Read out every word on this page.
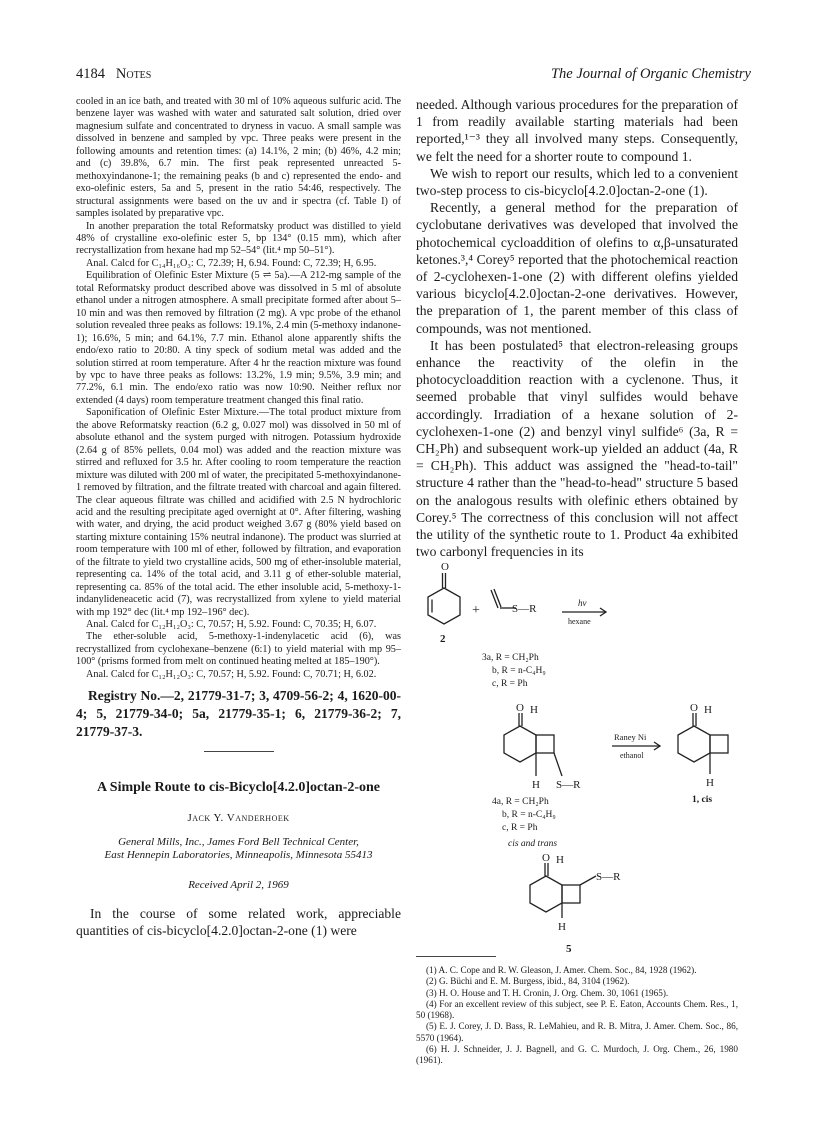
4184 Notes	The Journal of Organic Chemistry

cooled in an ice bath, and treated with 30 ml of 10% aqueous sulfuric acid. The benzene layer was washed with water and saturated salt solution, dried over magnesium sulfate and concentrated to dryness in vacuo. A small sample was dissolved in benzene and sampled by vpc. Three peaks were present in the following amounts and retention times: (a) 14.1%, 2 min; (b) 46%, 4.2 min; and (c) 39.8%, 6.7 min. The first peak represented unreacted 5-methoxyindanone-1; the remaining peaks (b and c) represented the endo- and exo-olefinic esters, 5a and 5, present in the ratio 54:46, respectively. The structural assignments were based on the uv and ir spectra (cf. Table I) of samples isolated by preparative vpc.

In another preparation the total Reformatsky product was distilled to yield 48% of crystalline exo-olefinic ester 5, bp 134° (0.15 mm), which after recrystallization from hexane had mp 52–54° (lit.⁴ mp 50–51°).

Anal. Calcd for C₁₄H₁₆O₃: C, 72.39; H, 6.94. Found: C, 72.39; H, 6.95.

Equilibration of Olefinic Ester Mixture (5 ⇌ 5a).—A 212-mg sample of the total Reformatsky product described above was dissolved in 5 ml of absolute ethanol under a nitrogen atmosphere. A small precipitate formed after about 5–10 min and was then removed by filtration (2 mg). A vpc probe of the ethanol solution revealed three peaks as follows: 19.1%, 2.4 min (5-methoxy indanone-1); 16.6%, 5 min; and 64.1%, 7.7 min. Ethanol alone apparently shifts the endo/exo ratio to 20:80. A tiny speck of sodium metal was added and the solution stirred at room temperature. After 4 hr the reaction mixture was found by vpc to have three peaks as follows: 13.2%, 1.9 min; 9.5%, 3.9 min; and 77.2%, 6.1 min. The endo/exo ratio was now 10:90. Neither reflux nor extended (4 days) room temperature treatment changed this final ratio.

Saponification of Olefinic Ester Mixture.—The total product mixture from the above Reformatsky reaction (6.2 g, 0.027 mol) was dissolved in 50 ml of absolute ethanol and the system purged with nitrogen. Potassium hydroxide (2.64 g of 85% pellets, 0.04 mol) was added and the reaction mixture was stirred and refluxed for 3.5 hr. After cooling to room temperature the reaction mixture was diluted with 200 ml of water, the precipitated 5-methoxyindanone-1 removed by filtration, and the filtrate treated with charcoal and again filtered. The clear aqueous filtrate was chilled and acidified with 2.5 N hydrochloric acid and the resulting precipitate aged overnight at 0°. After filtering, washing with water, and drying, the acid product weighed 3.67 g (80% yield based on starting mixture containing 15% neutral indanone). The product was slurried at room temperature with 100 ml of ether, followed by filtration, and evaporation of the filtrate to yield two crystalline acids, 500 mg of ether-insoluble material, representing ca. 14% of the total acid, and 3.11 g of ether-soluble material, representing ca. 85% of the total acid. The ether insoluble acid, 5-methoxy-1-indanylideneacetic acid (7), was recrystallized from xylene to yield material with mp 192° dec (lit.⁴ mp 192–196° dec).

Anal. Calcd for C₁₂H₁₂O₃: C, 70.57; H, 5.92. Found: C, 70.35; H, 6.07.

The ether-soluble acid, 5-methoxy-1-indenylacetic acid (6), was recrystallized from cyclohexane–benzene (6:1) to yield material with mp 95–100° (prisms formed from melt on continued heating melted at 185–190°).

Anal. Calcd for C₁₂H₁₂O₃: C, 70.57; H, 5.92. Found: C, 70.71; H, 6.02.

Registry No.—2, 21779-31-7; 3, 4709-56-2; 4, 1620-00-4; 5, 21779-34-0; 5a, 21779-35-1; 6, 21779-36-2; 7, 21779-37-3.

A Simple Route to cis-Bicyclo[4.2.0]octan-2-one

Jack Y. Vanderhoek

General Mills, Inc., James Ford Bell Technical Center,
East Hennepin Laboratories, Minneapolis, Minnesota 55413

Received April 2, 1969

In the course of some related work, appreciable quantities of cis-bicyclo[4.2.0]octan-2-one (1) were

needed. Although various procedures for the preparation of 1 from readily available starting materials had been reported,¹⁻³ they all involved many steps. Consequently, we felt the need for a shorter route to compound 1.

We wish to report our results, which led to a convenient two-step process to cis-bicyclo[4.2.0]octan-2-one (1).

Recently, a general method for the preparation of cyclobutane derivatives was developed that involved the photochemical cycloaddition of olefins to α,β-unsaturated ketones.³,⁴ Corey⁵ reported that the photochemical reaction of 2-cyclohexen-1-one (2) with different olefins yielded various bicyclo[4.2.0]octan-2-one derivatives. However, the preparation of 1, the parent member of this class of compounds, was not mentioned.

It has been postulated⁵ that electron-releasing groups enhance the reactivity of the olefin in the photocycloaddition reaction with a cyclenone. Thus, it seemed probable that vinyl sulfides would behave accordingly. Irradiation of a hexane solution of 2-cyclohexen-1-one (2) and benzyl vinyl sulfide⁶ (3a, R = CH₂Ph) and subsequent work-up yielded an adduct (4a, R = CH₂Ph). This adduct was assigned the "head-to-tail" structure 4 rather than the "head-to-head" structure 5 based on the analogous results with olefinic ethers obtained by Corey.⁵ The correctness of this conclusion will not affect the utility of the synthetic route to 1. Product 4a exhibited two carbonyl frequencies in its

O
2
+	S—R	hν
hexane
3a, R = CH₂Ph
b, R = n-C₄H₉
c, R = Ph
O H
H S—R
Raney Ni
ethanol
O H
H
1, cis
4a, R = CH₂Ph
b, R = n-C₄H₉
c, R = Ph
cis and trans
O H
S—R
H
5

(1) A. C. Cope and R. W. Gleason, J. Amer. Chem. Soc., 84, 1928 (1962).

(2) G. Büchi and E. M. Burgess, ibid., 84, 3104 (1962).

(3) H. O. House and T. H. Cronin, J. Org. Chem. 30, 1061 (1965).

(4) For an excellent review of this subject, see P. E. Eaton, Accounts Chem. Res., 1, 50 (1968).

(5) E. J. Corey, J. D. Bass, R. LeMahieu, and R. B. Mitra, J. Amer. Chem. Soc., 86, 5570 (1964).

(6) H. J. Schneider, J. J. Bagnell, and G. C. Murdoch, J. Org. Chem., 26, 1980 (1961).
